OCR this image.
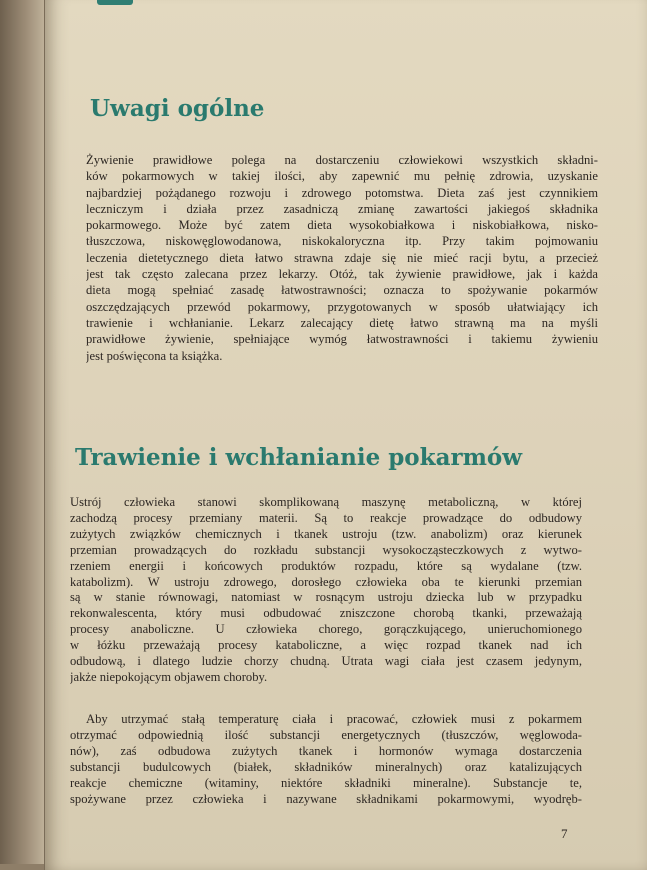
Uwagi ogólne

Żywienie prawidłowe polega na dostarczeniu człowiekowi wszystkich składni-
ków pokarmowych w takiej ilości, aby zapewnić mu pełnię zdrowia, uzyskanie
najbardziej pożądanego rozwoju i zdrowego potomstwa. Dieta zaś jest czynnikiem
leczniczym i działa przez zasadniczą zmianę zawartości jakiegoś składnika
pokarmowego. Może być zatem dieta wysokobiałkowa i niskobiałkowa, nisko-
tłuszczowa, niskowęglowodanowa, niskokaloryczna itp. Przy takim pojmowaniu
leczenia dietetycznego dieta łatwo strawna zdaje się nie mieć racji bytu, a przecież
jest tak często zalecana przez lekarzy. Otóż, tak żywienie prawidłowe, jak i każda
dieta mogą spełniać zasadę łatwostrawności; oznacza to spożywanie pokarmów
oszczędzających przewód pokarmowy, przygotowanych w sposób ułatwiający ich
trawienie i wchłanianie. Lekarz zalecający dietę łatwo strawną ma na myśli
prawidłowe żywienie, spełniające wymóg łatwostrawności i takiemu żywieniu
jest poświęcona ta książka.

Trawienie i wchłanianie pokarmów

Ustrój człowieka stanowi skomplikowaną maszynę metaboliczną, w której
zachodzą procesy przemiany materii. Są to reakcje prowadzące do odbudowy
zużytych związków chemicznych i tkanek ustroju (tzw. anabolizm) oraz kierunek
przemian prowadzących do rozkładu substancji wysokocząsteczkowych z wytwo-
rzeniem energii i końcowych produktów rozpadu, które są wydalane (tzw.
katabolizm). W ustroju zdrowego, dorosłego człowieka oba te kierunki przemian
są w stanie równowagi, natomiast w rosnącym ustroju dziecka lub w przypadku
rekonwalescenta, który musi odbudować zniszczone chorobą tkanki, przeważają
procesy anaboliczne. U człowieka chorego, gorączkującego, unieruchomionego
w łóżku przeważają procesy kataboliczne, a więc rozpad tkanek nad ich
odbudową, i dlatego ludzie chorzy chudną. Utrata wagi ciała jest czasem jedynym,
jakże niepokojącym objawem choroby.

Aby utrzymać stałą temperaturę ciała i pracować, człowiek musi z pokarmem
otrzymać odpowiednią ilość substancji energetycznych (tłuszczów, węglowoda-
nów), zaś odbudowa zużytych tkanek i hormonów wymaga dostarczenia
substancji budulcowych (białek, składników mineralnych) oraz katalizujących
reakcje chemiczne (witaminy, niektóre składniki mineralne). Substancje te,
spożywane przez człowieka i nazywane składnikami pokarmowymi, wyodręb-

7
